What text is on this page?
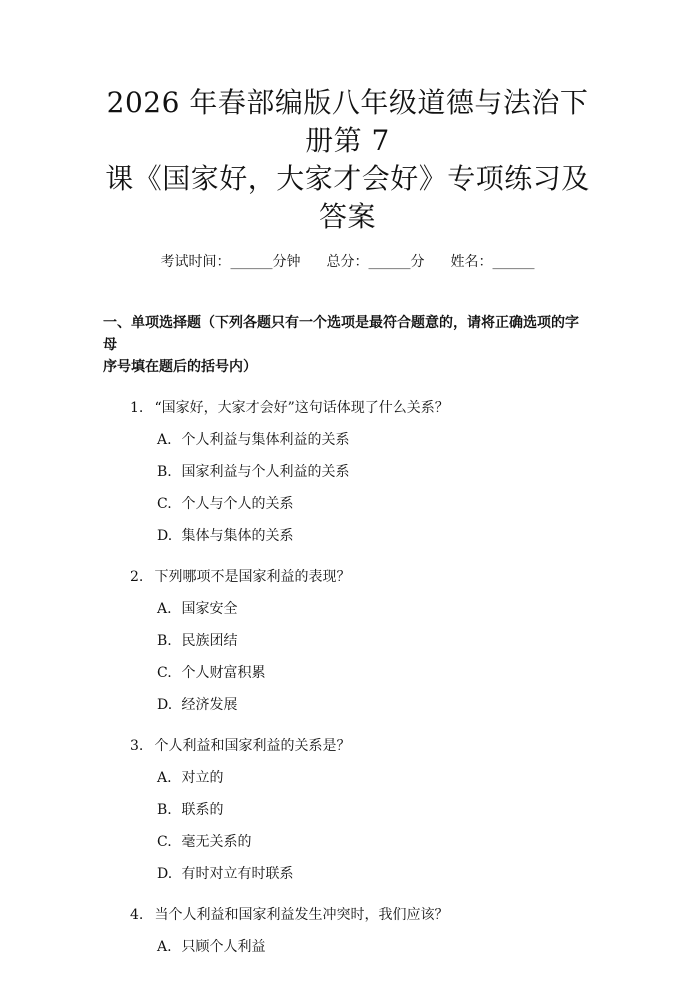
2026 年春部编版八年级道德与法治下册第 7
课《国家好，大家才会好》专项练习及答案
考试时间：______分钟 总分：______分 姓名：______
一、单项选择题（下列各题只有一个选项是最符合题意的，请将正确选项的字母
序号填在题后的括号内）
1. “国家好，大家才会好”这句话体现了什么关系？
A. 个人利益与集体利益的关系
B. 国家利益与个人利益的关系
C. 个人与个人的关系
D. 集体与集体的关系
2. 下列哪项不是国家利益的表现？
A. 国家安全
B. 民族团结
C. 个人财富积累
D. 经济发展
3. 个人利益和国家利益的关系是？
A. 对立的
B. 联系的
C. 毫无关系的
D. 有时对立有时联系
4. 当个人利益和国家利益发生冲突时，我们应该？
A. 只顾个人利益
